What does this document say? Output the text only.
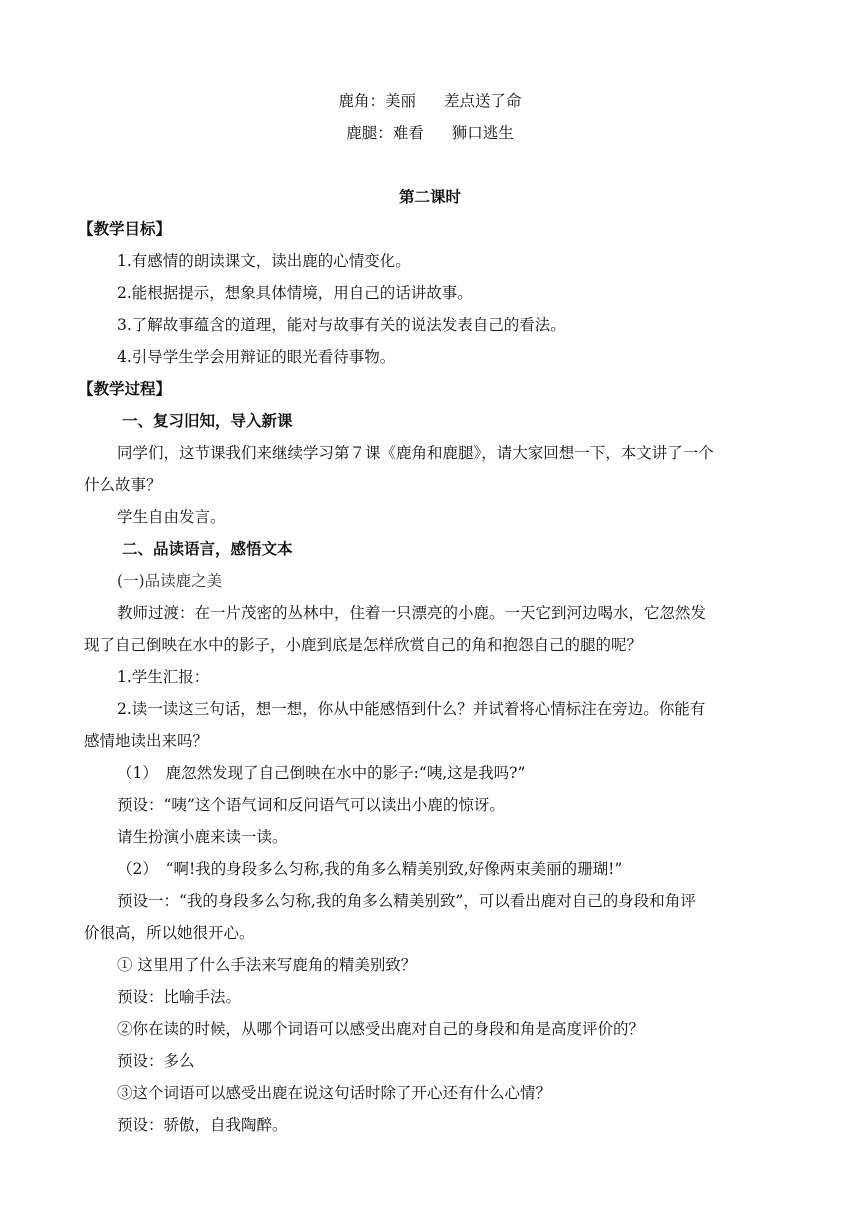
鹿角：美丽 差点送了命
鹿腿：难看 狮口逃生
第二课时
【教学目标】
1.有感情的朗读课文，读出鹿的心情变化。
2.能根据提示，想象具体情境，用自己的话讲故事。
3.了解故事蕴含的道理，能对与故事有关的说法发表自己的看法。
4.引导学生学会用辩证的眼光看待事物。
【教学过程】
一、复习旧知，导入新课
同学们，这节课我们来继续学习第７课《鹿角和鹿腿》，请大家回想一下，本文讲了一个
什么故事？
学生自由发言。
二、品读语言，感悟文本
(一)品读鹿之美
教师过渡：在一片茂密的丛林中，住着一只漂亮的小鹿。一天它到河边喝水，它忽然发
现了自己倒映在水中的影子，小鹿到底是怎样欣赏自己的角和抱怨自己的腿的呢？
1.学生汇报：
2.读一读这三句话，想一想，你从中能感悟到什么？并试着将心情标注在旁边。你能有
感情地读出来吗？
（1）　鹿忽然发现了自己倒映在水中的影子:“咦,这是我吗?”
预设：“咦”这个语气词和反问语气可以读出小鹿的惊讶。
请生扮演小鹿来读一读。
（2）　“啊!我的身段多么匀称,我的角多么精美别致,好像两束美丽的珊瑚!”
预设一：“我的身段多么匀称,我的角多么精美别致”，可以看出鹿对自己的身段和角评
价很高，所以她很开心。
① 这里用了什么手法来写鹿角的精美别致？
预设：比喻手法。
②你在读的时候，从哪个词语可以感受出鹿对自己的身段和角是高度评价的？
预设：多么
③这个词语可以感受出鹿在说这句话时除了开心还有什么心情？
预设：骄傲，自我陶醉。
